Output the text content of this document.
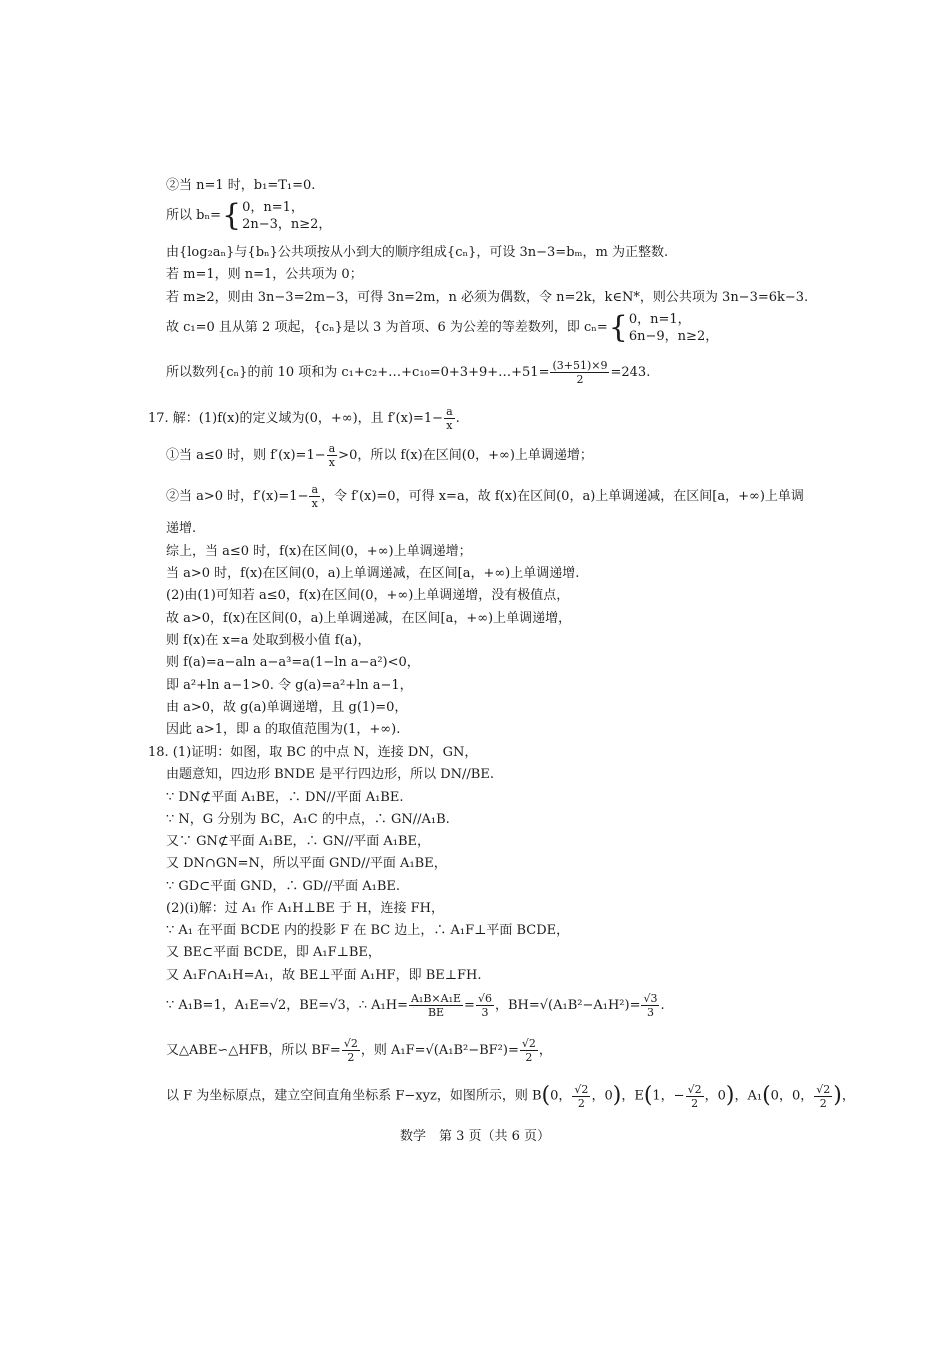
②当 n=1 时，b₁=T₁=0.
所以 bₙ={ 0，n=1，
2n−3，n≥2，
由{log₂aₙ}与{bₙ}公共项按从小到大的顺序组成{cₙ}，可设 3n−3=bₘ，m 为正整数.
若 m=1，则 n=1，公共项为 0；
若 m≥2，则由 3n−3=2m−3，可得 3n=2m，n 必须为偶数，令 n=2k，k∈N*，则公共项为 3n−3=6k−3.
故 c₁=0 且从第 2 项起，{cₙ}是以 3 为首项、6 为公差的等差数列，即 cₙ={ 0，n=1，
6n−9，n≥2，
所以数列{cₙ}的前 10 项和为 c₁+c₂+…+c₁₀=0+3+9+…+51= $\frac{(3+51)\times 9}{2} =243$.
17. 解：(1)f(x)的定义域为(0，+∞)，且 $f'(x)=1- \frac{a}{x}$ .
①当 a≤0 时，则 $f'(x)=1- \frac{a}{x} >0$，所以 f(x)在区间(0，+∞)上单调递增；
②当 a>0 时，$f'(x)=1- \frac{a}{x}$ ，令 f′(x)=0，可得 x=a，故 f(x)在区间(0，a)上单调递减，在区间[a，+∞)上单调
递增.
综上，当 a≤0 时，f(x)在区间(0，+∞)上单调递增；
当 a>0 时，f(x)在区间(0，a)上单调递减，在区间[a，+∞)上单调递增.
(2)由(1)可知若 a≤0，f(x)在区间(0，+∞)上单调递增，没有极值点，
故 a>0，f(x)在区间(0，a)上单调递减，在区间[a，+∞)上单调递增，
则 f(x)在 x=a 处取到极小值 f(a)，
则 f(a)=a−aln a−a³=a(1−ln a−a²)<0，
即 a²+ln a−1>0. 令 g(a)=a²+ln a−1，
由 a>0，故 g(a)单调递增，且 g(1)=0，
因此 a>1，即 a 的取值范围为(1，+∞).
18. (1)证明：如图，取 BC 的中点 N，连接 DN，GN，
由题意知，四边形 BNDE 是平行四边形，所以 DN//BE.
∵ DN⊄平面 A₁BE，∴ DN//平面 A₁BE.
∵ N，G 分别为 BC，A₁C 的中点，∴ GN//A₁B.
又∵ GN⊄平面 A₁BE，∴ GN//平面 A₁BE，
又 DN∩GN=N，所以平面 GND//平面 A₁BE，
∵ GD⊂平面 GND，∴ GD//平面 A₁BE.
(2)(i)解：过 A₁ 作 A₁H⊥BE 于 H，连接 FH，
∵ A₁ 在平面 BCDE 内的投影 F 在 BC 边上，∴ A₁F⊥平面 BCDE，
又 BE⊂平面 BCDE，即 A₁F⊥BE，
又 A₁F∩A₁H=A₁，故 BE⊥平面 A₁HF，即 BE⊥FH.
∵ A₁B=1，A₁E=√2，BE=√3，∴ $A_1H= \frac{\text{A₁B×A₁E}}{BE} = \frac{√6}{3}$ ，$BH=√(A_1B^2-A_1H^2)= \frac{√3}{3}$ .
又△ABE∽△HFB，所以 $BF= \frac{√2}{2}$ ，则 $A_1F=√(A_1B^2-BF^2)= \frac{√2}{2}$ ，
以 F 为坐标原点，建立空间直角坐标系 F−xyz，如图所示，则 B(0， $\frac{√2}{2}$ ，0)，E(1，− $\frac{√2}{2}$ ，0)，A₁(0，0， $\frac{√2}{2}$ )，
数学　第 3 页（共 6 页）
